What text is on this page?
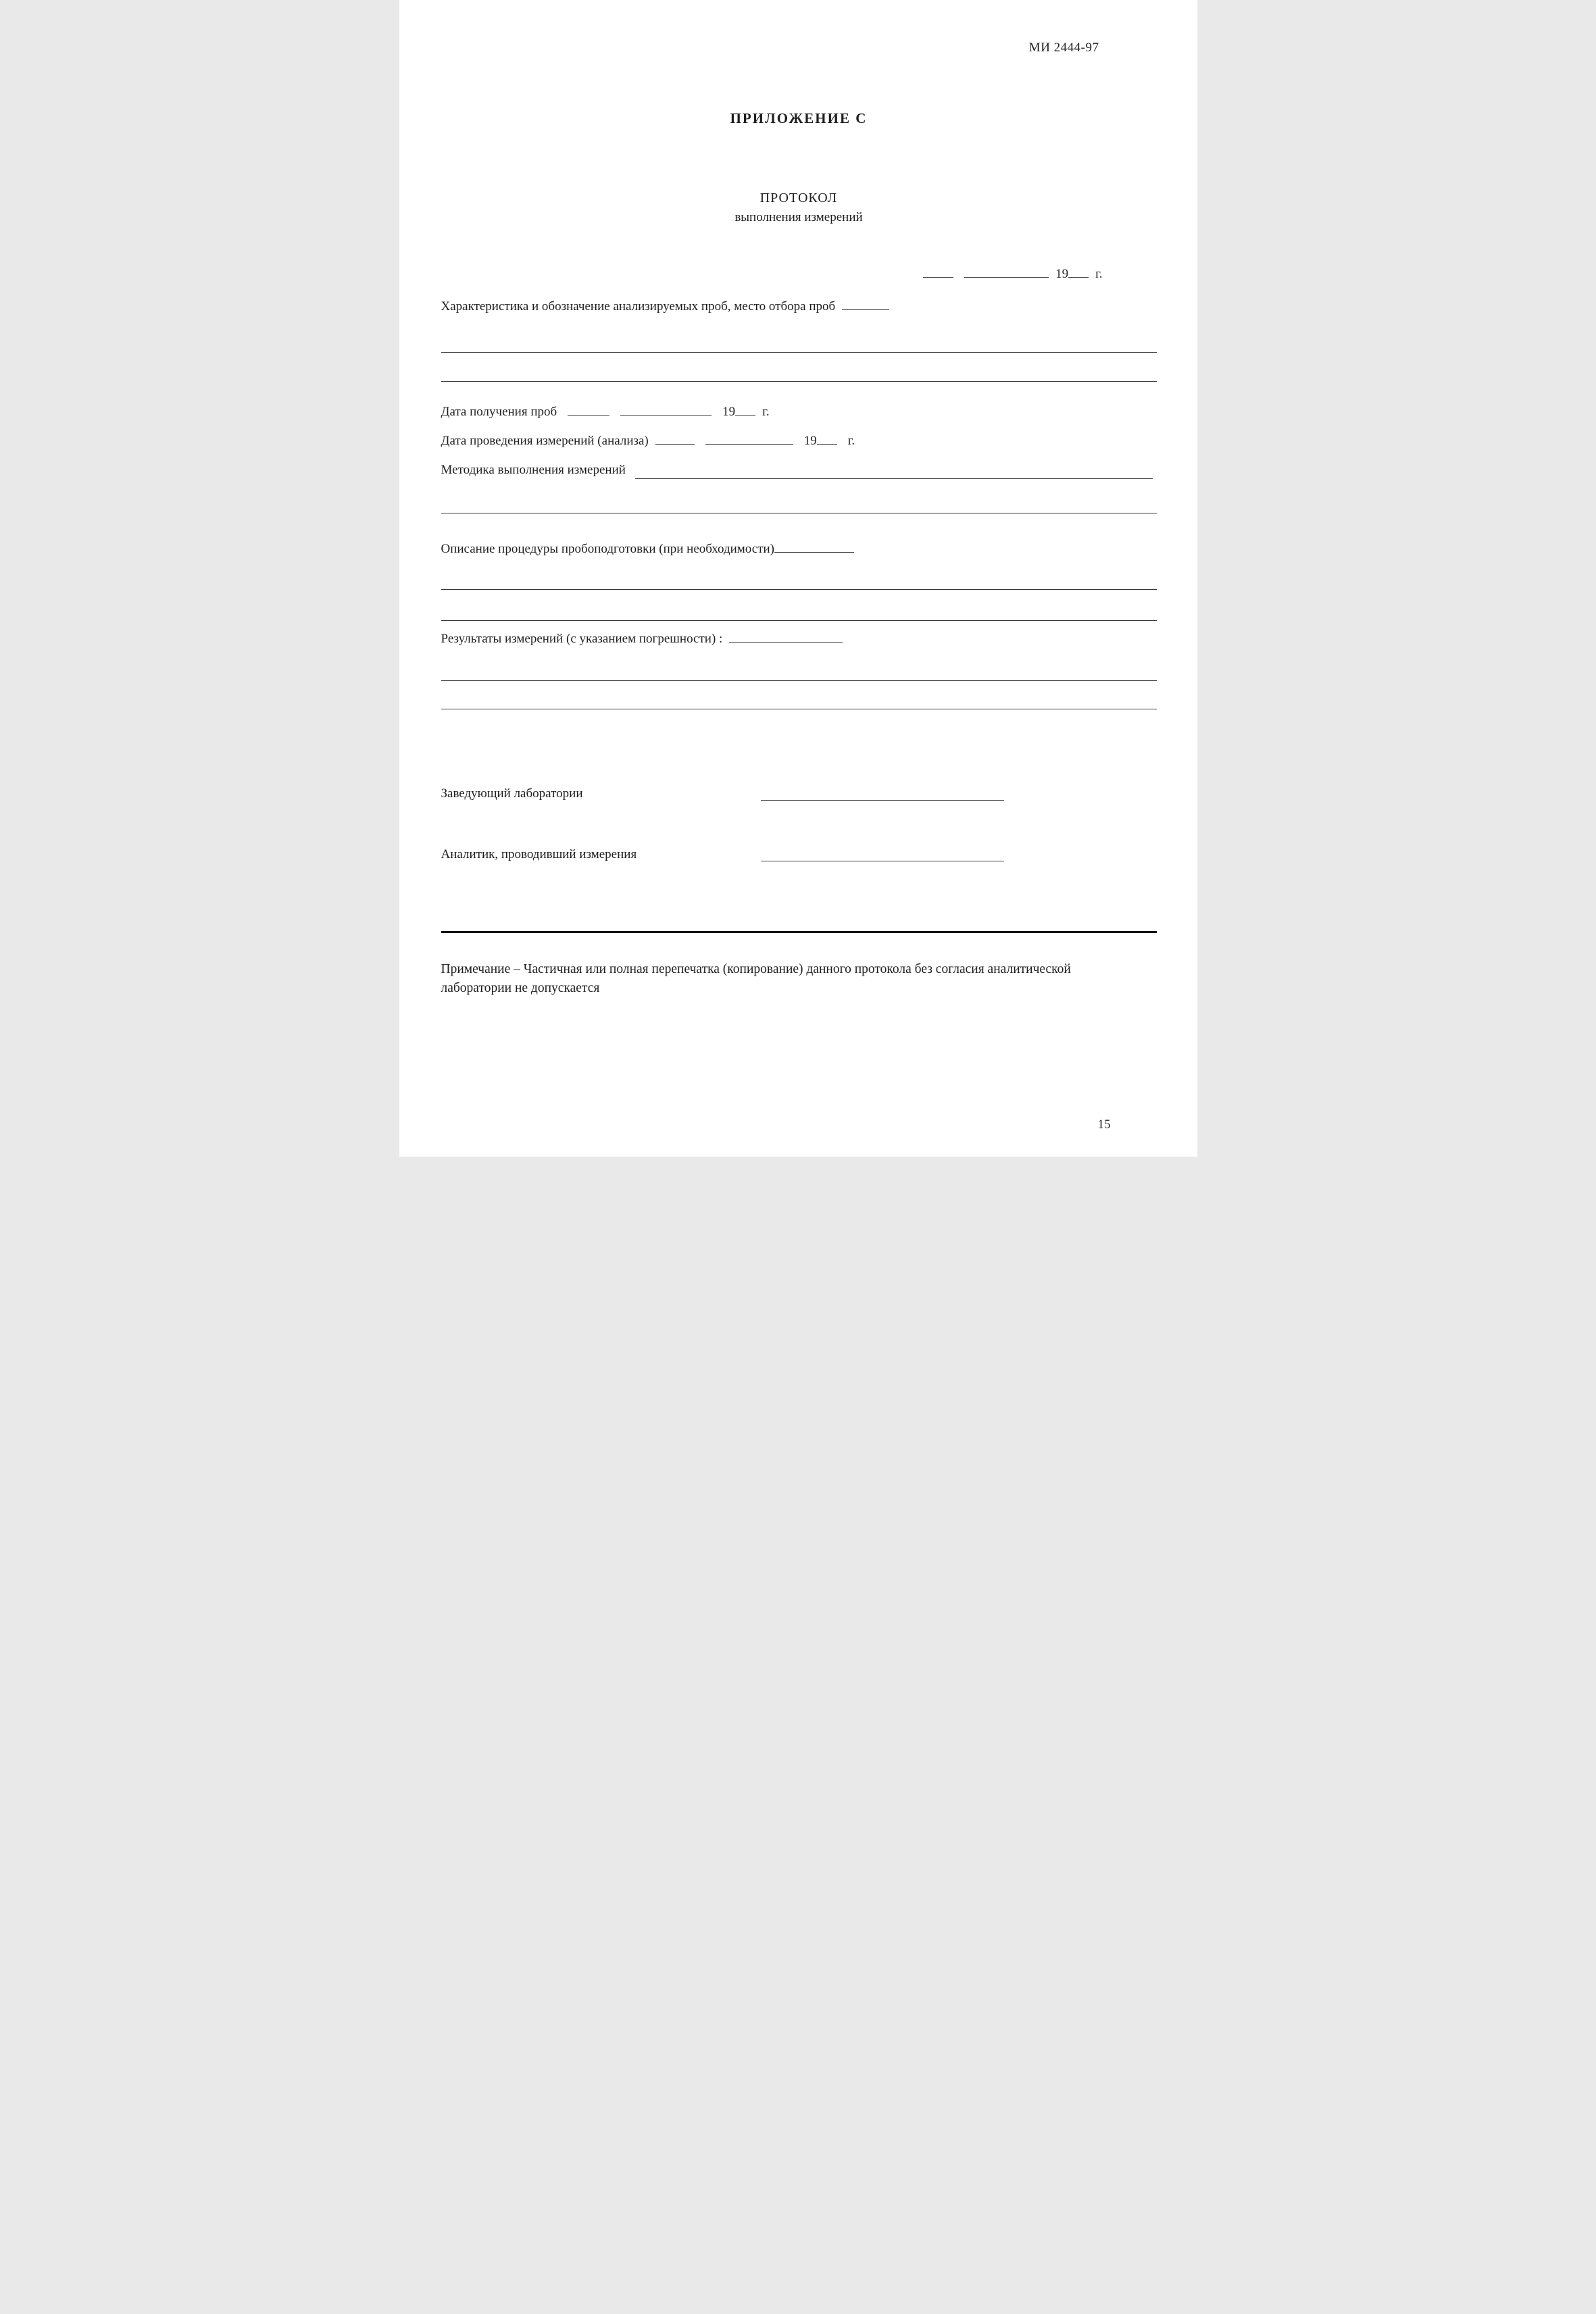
МИ 2444-97
ПРИЛОЖЕНИЕ С
ПРОТОКОЛ
выполнения измерений
19 г.
Характеристика и обозначение анализируемых проб, место отбора проб
Дата получения проб	19 г.
Дата проведения измерений (анализа)	19 г.
Методика выполнения измерений
Описание процедуры пробоподготовки (при необходимости)
Результаты измерений (с указанием погрешности) :
Заведующий лаборатории
Аналитик, проводивший измерения
Примечание – Частичная или полная перепечатка (копирование) данного протокола без согласия аналитической лаборатории не допускается
15
